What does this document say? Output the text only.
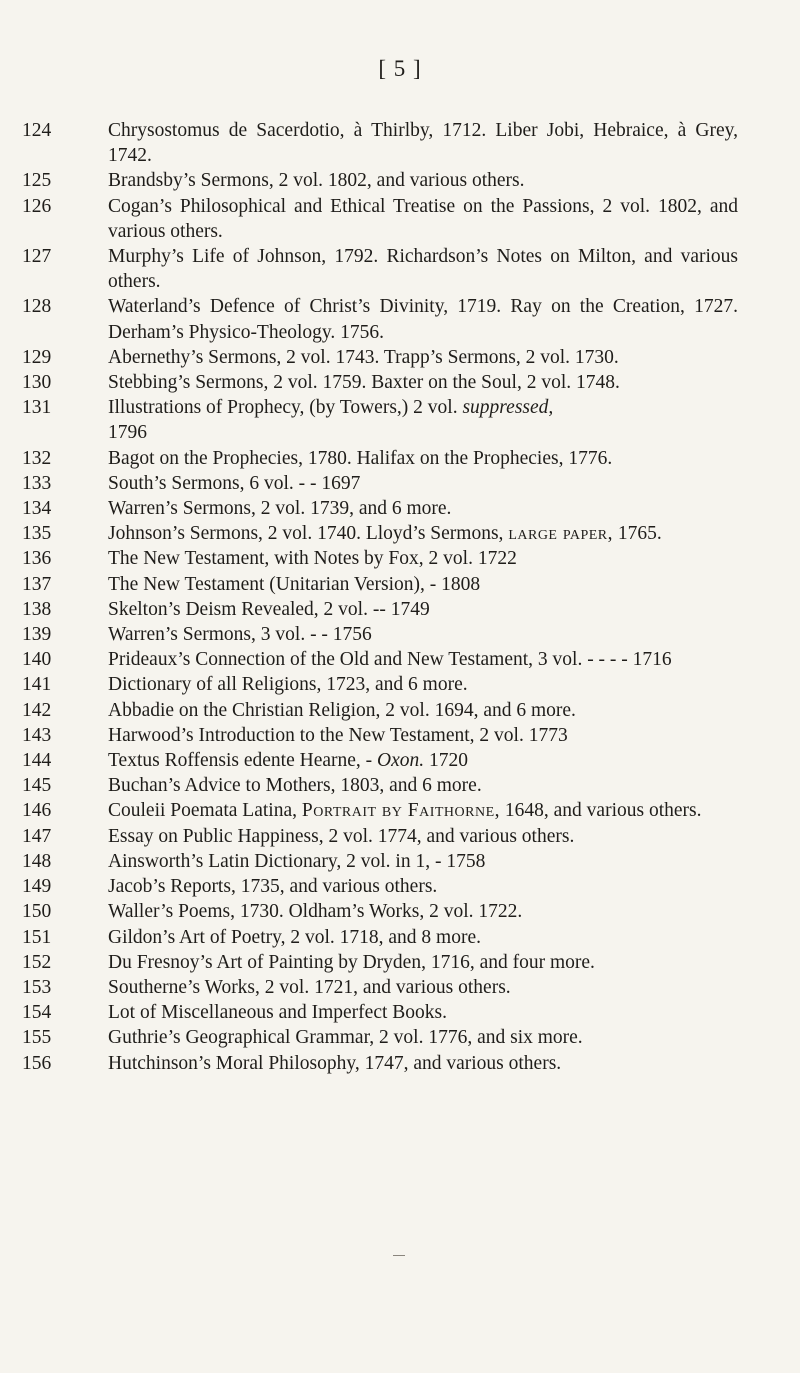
[ 5 ]
124	Chrysostomus de Sacerdotio, à Thirlby, 1712. Liber Jobi, Hebraice, à Grey, 1742.
125	Brandsby’s Sermons, 2 vol. 1802, and various others.
126	Cogan’s Philosophical and Ethical Treatise on the Passions, 2 vol. 1802, and various others.
127	Murphy’s Life of Johnson, 1792. Richardson’s Notes on Milton, and various others.
128	Waterland’s Defence of Christ’s Divinity, 1719. Ray on the Creation, 1727. Derham’s Physico-Theology. 1756.
129	Abernethy’s Sermons, 2 vol. 1743. Trapp’s Sermons, 2 vol. 1730.
130	Stebbing’s Sermons, 2 vol. 1759. Baxter on the Soul, 2 vol. 1748.
131	Illustrations of Prophecy, (by Towers,) 2 vol. suppressed,
1796
132	Bagot on the Prophecies, 1780. Halifax on the Prophecies, 1776.
133	South’s Sermons, 6 vol. - - 1697
134	Warren’s Sermons, 2 vol. 1739, and 6 more.
135	Johnson’s Sermons, 2 vol. 1740. Lloyd’s Sermons, large paper, 1765.
136	The New Testament, with Notes by Fox, 2 vol. 1722
137	The New Testament (Unitarian Version), - 1808
138	Skelton’s Deism Revealed, 2 vol. -- 1749
139	Warren’s Sermons, 3 vol. - - 1756
140	Prideaux’s Connection of the Old and New Testament, 3 vol. - - - - 1716
141	Dictionary of all Religions, 1723, and 6 more.
142	Abbadie on the Christian Religion, 2 vol. 1694, and 6 more.
143	Harwood’s Introduction to the New Testament, 2 vol. 1773
144	Textus Roffensis edente Hearne, - Oxon. 1720
145	Buchan’s Advice to Mothers, 1803, and 6 more.
146	Couleii Poemata Latina, Portrait by Faithorne, 1648, and various others.
147	Essay on Public Happiness, 2 vol. 1774, and various others.
148	Ainsworth’s Latin Dictionary, 2 vol. in 1, - 1758
149	Jacob’s Reports, 1735, and various others.
150	Waller’s Poems, 1730. Oldham’s Works, 2 vol. 1722.
151	Gildon’s Art of Poetry, 2 vol. 1718, and 8 more.
152	Du Fresnoy’s Art of Painting by Dryden, 1716, and four more.
153	Southerne’s Works, 2 vol. 1721, and various others.
154	Lot of Miscellaneous and Imperfect Books.
155	Guthrie’s Geographical Grammar, 2 vol. 1776, and six more.
156	Hutchinson’s Moral Philosophy, 1747, and various others.
